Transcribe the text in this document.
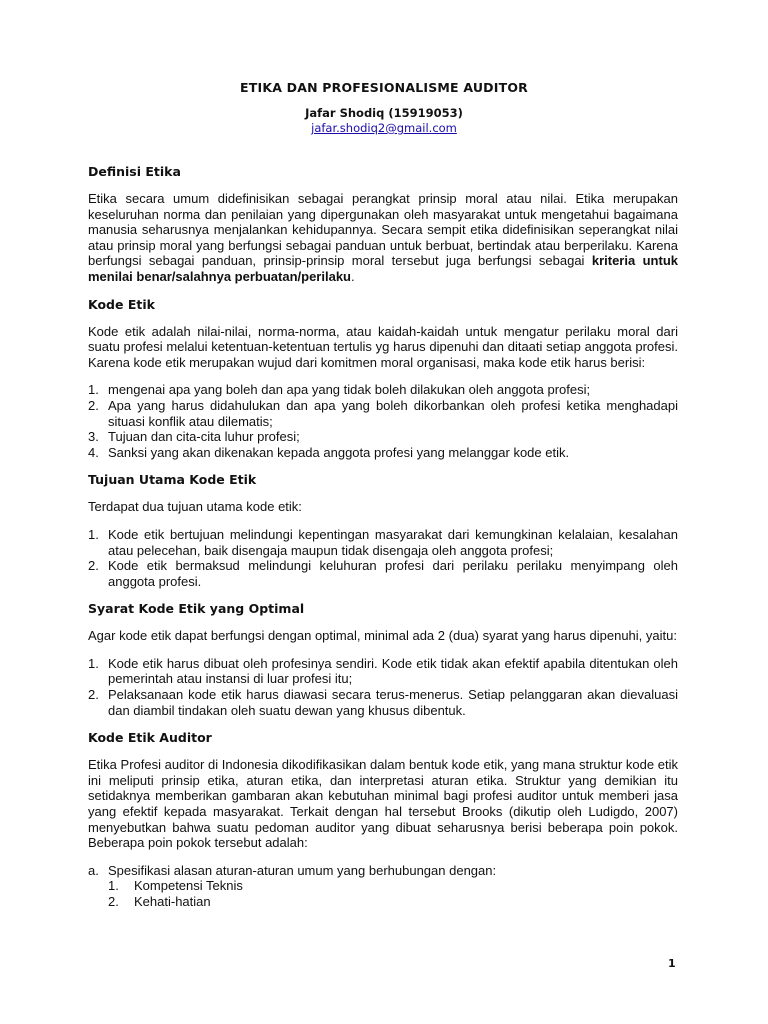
ETIKA DAN PROFESIONALISME AUDITOR
Jafar Shodiq (15919053)
jafar.shodiq2@gmail.com
Definisi Etika

Etika secara umum didefinisikan sebagai perangkat prinsip moral atau nilai. Etika merupakan keseluruhan norma dan penilaian yang dipergunakan oleh masyarakat untuk mengetahui bagaimana manusia seharusnya menjalankan kehidupannya. Secara sempit etika didefinisikan seperangkat nilai atau prinsip moral yang berfungsi sebagai panduan untuk berbuat, bertindak atau berperilaku. Karena berfungsi sebagai panduan, prinsip-prinsip moral tersebut juga berfungsi sebagai kriteria untuk menilai benar/salahnya perbuatan/perilaku.

Kode Etik

Kode etik adalah nilai-nilai, norma-norma, atau kaidah-kaidah untuk mengatur perilaku moral dari suatu profesi melalui ketentuan-ketentuan tertulis yg harus dipenuhi dan ditaati setiap anggota profesi. Karena kode etik merupakan wujud dari komitmen moral organisasi, maka kode etik harus berisi:

1. mengenai apa yang boleh dan apa yang tidak boleh dilakukan oleh anggota profesi;
2. Apa yang harus didahulukan dan apa yang boleh dikorbankan oleh profesi ketika menghadapi situasi konflik atau dilematis;
3. Tujuan dan cita-cita luhur profesi;
4. Sanksi yang akan dikenakan kepada anggota profesi yang melanggar kode etik.
Tujuan Utama Kode Etik

Terdapat dua tujuan utama kode etik:

1. Kode etik bertujuan melindungi kepentingan masyarakat dari kemungkinan kelalaian, kesalahan atau pelecehan, baik disengaja maupun tidak disengaja oleh anggota profesi;
2. Kode etik bermaksud melindungi keluhuran profesi dari perilaku perilaku menyimpang oleh anggota profesi.
Syarat Kode Etik yang Optimal

Agar kode etik dapat berfungsi dengan optimal, minimal ada 2 (dua) syarat yang harus dipenuhi, yaitu:

1. Kode etik harus dibuat oleh profesinya sendiri. Kode etik tidak akan efektif apabila ditentukan oleh pemerintah atau instansi di luar profesi itu;
2. Pelaksanaan kode etik harus diawasi secara terus-menerus. Setiap pelanggaran akan dievaluasi dan diambil tindakan oleh suatu dewan yang khusus dibentuk.
Kode Etik Auditor

Etika Profesi auditor di Indonesia dikodifikasikan dalam bentuk kode etik, yang mana struktur kode etik ini meliputi prinsip etika, aturan etika, dan interpretasi aturan etika. Struktur yang demikian itu setidaknya memberikan gambaran akan kebutuhan minimal bagi profesi auditor untuk memberi jasa yang efektif kepada masyarakat. Terkait dengan hal tersebut Brooks (dikutip oleh Ludigdo, 2007) menyebutkan bahwa suatu pedoman auditor yang dibuat seharusnya berisi beberapa poin pokok. Beberapa poin pokok tersebut adalah:

a. Spesifikasi alasan aturan-aturan umum yang berhubungan dengan:
1. Kompetensi Teknis
2. Kehati-hatian
1
